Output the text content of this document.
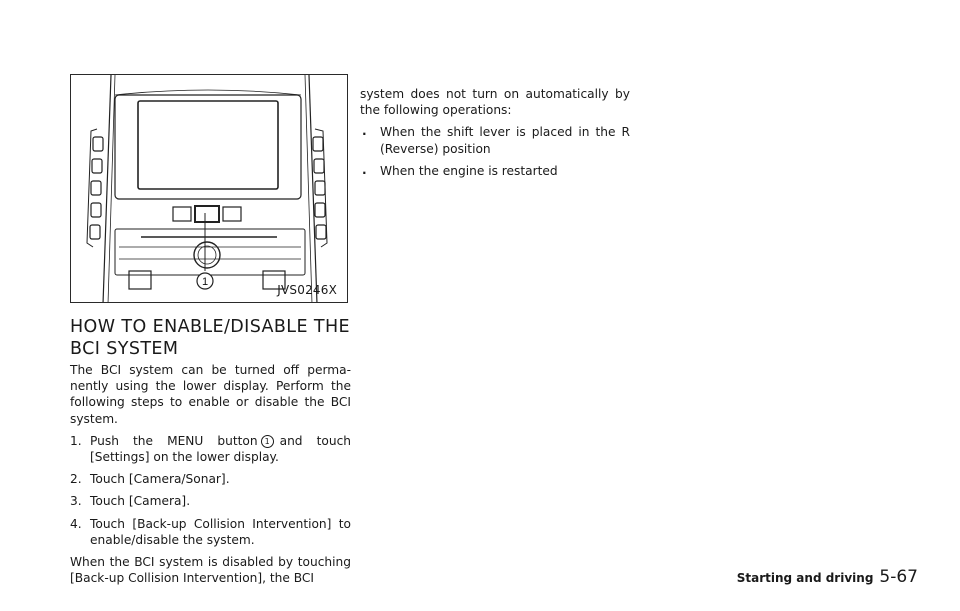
1
JVS0246X
HOW TO ENABLE/DISABLE THE
BCI SYSTEM

The BCI system can be turned off perma-nently using the lower display. Perform the following steps to enable or disable the BCI system.

1. Push the MENU button 1 and touch [Settings] on the lower display.
2. Touch [Camera/Sonar].
3. Touch [Camera].
4. Touch [Back-up Collision Intervention] to enable/disable the system.

When the BCI system is disabled by touching [Back-up Collision Intervention], the BCI

system does not turn on automatically by the following operations:

. When the shift lever is placed in the R (Reverse) position
. When the engine is restarted
Starting and driving 5-67
